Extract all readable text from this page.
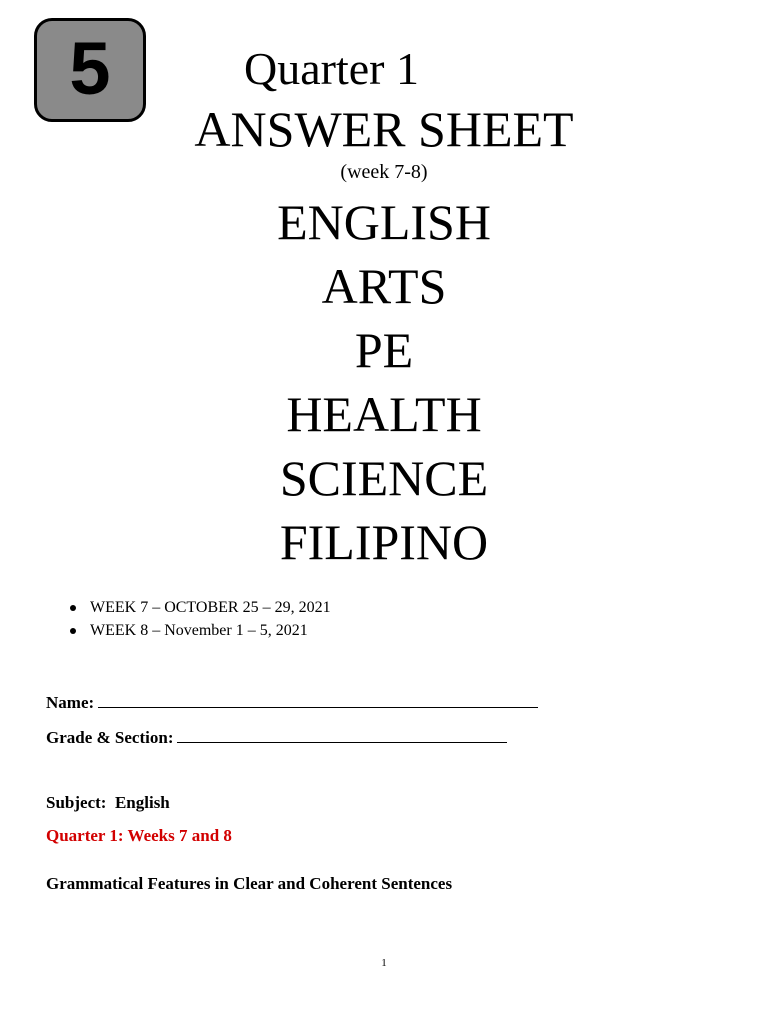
5	Quarter 1
ANSWER SHEET
(week 7-8)
ENGLISH
ARTS
PE
HEALTH
SCIENCE
FILIPINO
WEEK 7 – OCTOBER 25 – 29, 2021
WEEK 8 – November 1 – 5, 2021
Name:
Grade & Section:
Subject: English
Quarter 1: Weeks 7 and 8
Grammatical Features in Clear and Coherent Sentences
1
